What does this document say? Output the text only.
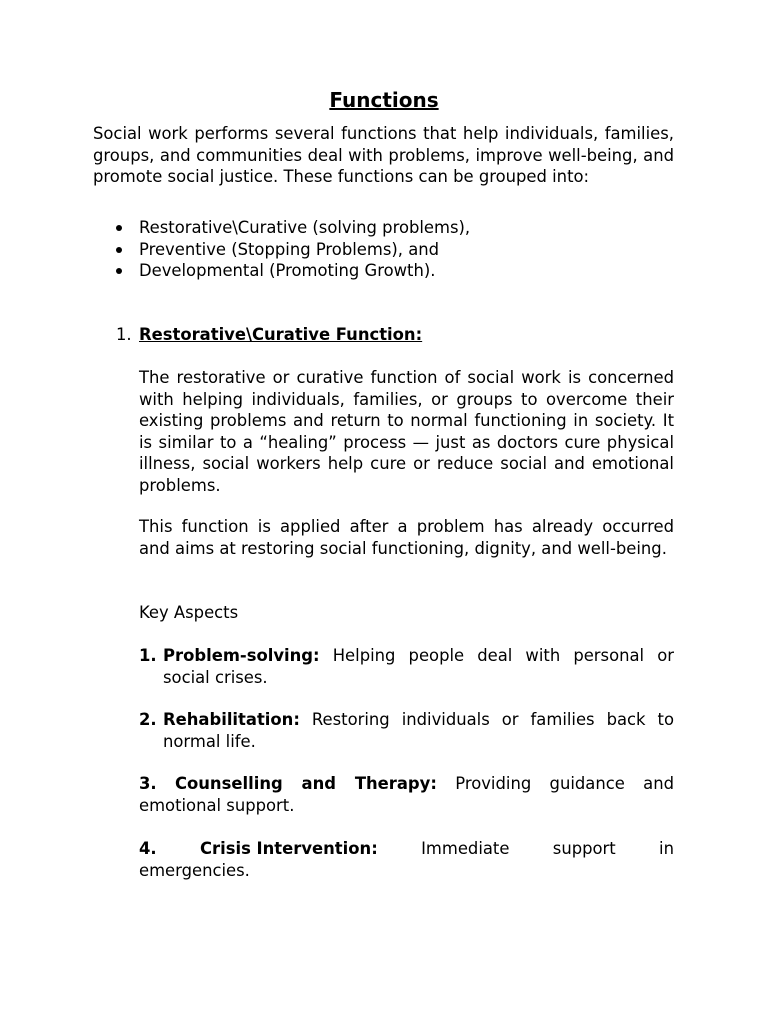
Functions
Social work performs several functions that help individuals, families, groups, and communities deal with problems, improve well-being, and promote social justice. These functions can be grouped into:
Restorative\Curative (solving problems),
Preventive (Stopping Problems), and
Developmental (Promoting Growth).
1. Restorative\Curative Function:
The restorative or curative function of social work is concerned with helping individuals, families, or groups to overcome their existing problems and return to normal functioning in society. It is similar to a “healing” process — just as doctors cure physical illness, social workers help cure or reduce social and emotional problems.
This function is applied after a problem has already occurred and aims at restoring social functioning, dignity, and well-being.
Key Aspects
1. Problem-solving: Helping people deal with personal or social crises.
2. Rehabilitation: Restoring individuals or families back to normal life.
3. Counselling and Therapy: Providing guidance and emotional support.
4.	Crisis Intervention:	Immediate	support	in
emergencies.
